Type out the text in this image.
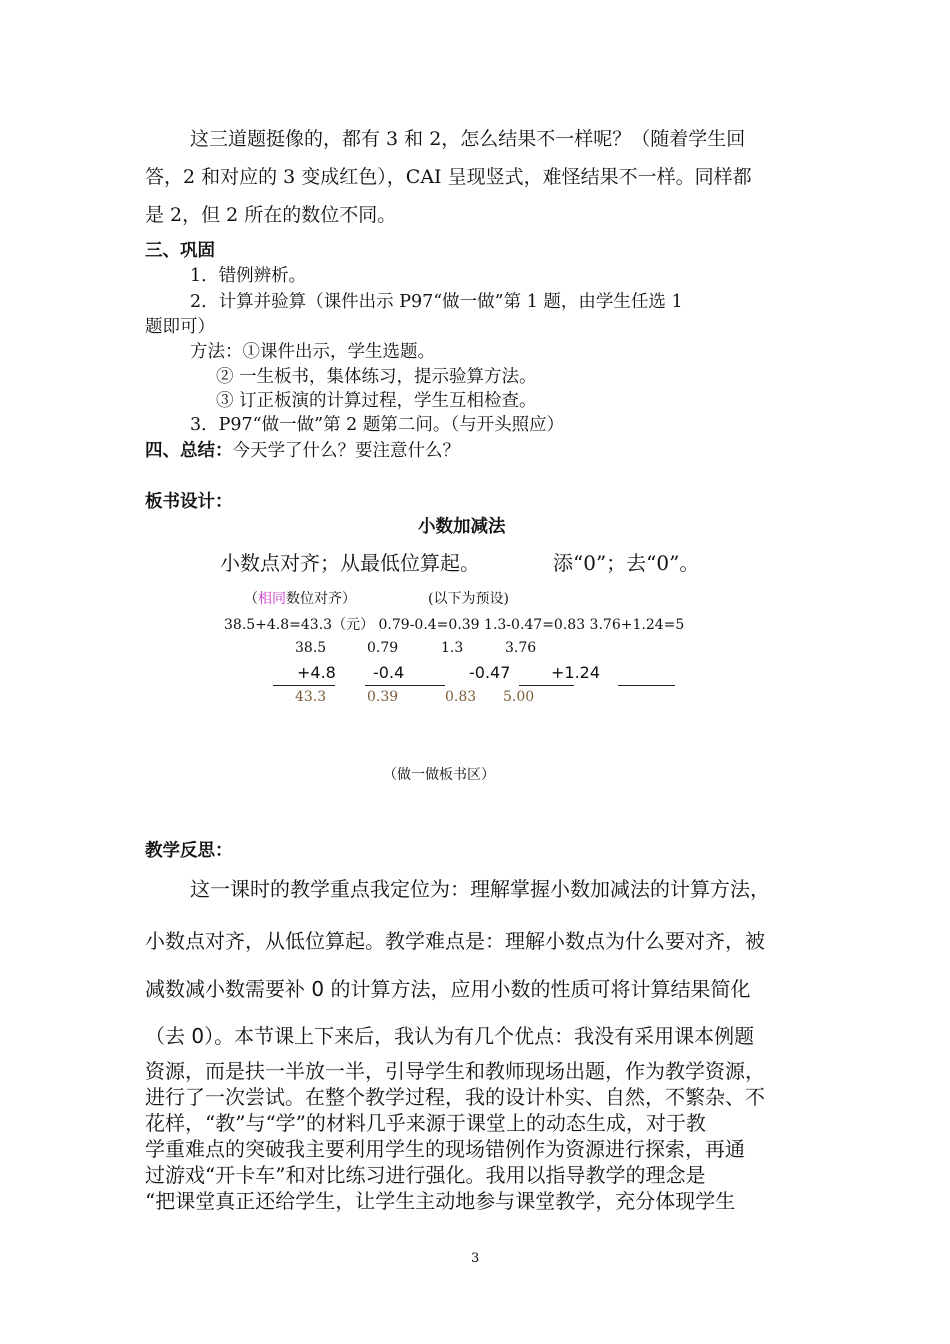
这三道题挺像的，都有 3 和 2，怎么结果不一样呢？（随着学生回
答，2 和对应的 3 变成红色），CAI 呈现竖式，难怪结果不一样。同样都
是 2，但 2 所在的数位不同。
三、巩固
1．错例辨析。
2．计算并验算（课件出示 P97“做一做”第 1 题，由学生任选 1
题即可）
方法：①课件出示，学生选题。
② 一生板书，集体练习，提示验算方法。
③ 订正板演的计算过程，学生互相检查。
3．P97“做一做”第 2 题第二问。（与开头照应）
四、总结：今天学了什么？要注意什么？
板书设计：
小数加减法
小数点对齐；从最低位算起。	添“0”；去“0”。
（相同数位对齐）	(以下为预设)
38.5+4.8=43.3（元） 0.79-0.4=0.39 1.3-0.47=0.83 3.76+1.24=5
38.5	0.79	1.3	3.76
+4.8 -0.4	-0.47	+1.24
43.3	0.39	0.83 5.00
（做一做板书区）
教学反思：
这一课时的教学重点我定位为：理解掌握小数加减法的计算方法，
小数点对齐，从低位算起。教学难点是：理解小数点为什么要对齐，被
减数减小数需要补 0 的计算方法，应用小数的性质可将计算结果简化
（去 0）。本节课上下来后，我认为有几个优点：我没有采用课本例题
资源，而是扶一半放一半，引导学生和教师现场出题，作为教学资源，
进行了一次尝试。在整个教学过程，我的设计朴实、自然，不繁杂、不
花样，“教”与“学”的材料几乎来源于课堂上的动态生成，对于教
学重难点的突破我主要利用学生的现场错例作为资源进行探索，再通
过游戏“开卡车”和对比练习进行强化。我用以指导教学的理念是
“把课堂真正还给学生，让学生主动地参与课堂教学，充分体现学生
3
